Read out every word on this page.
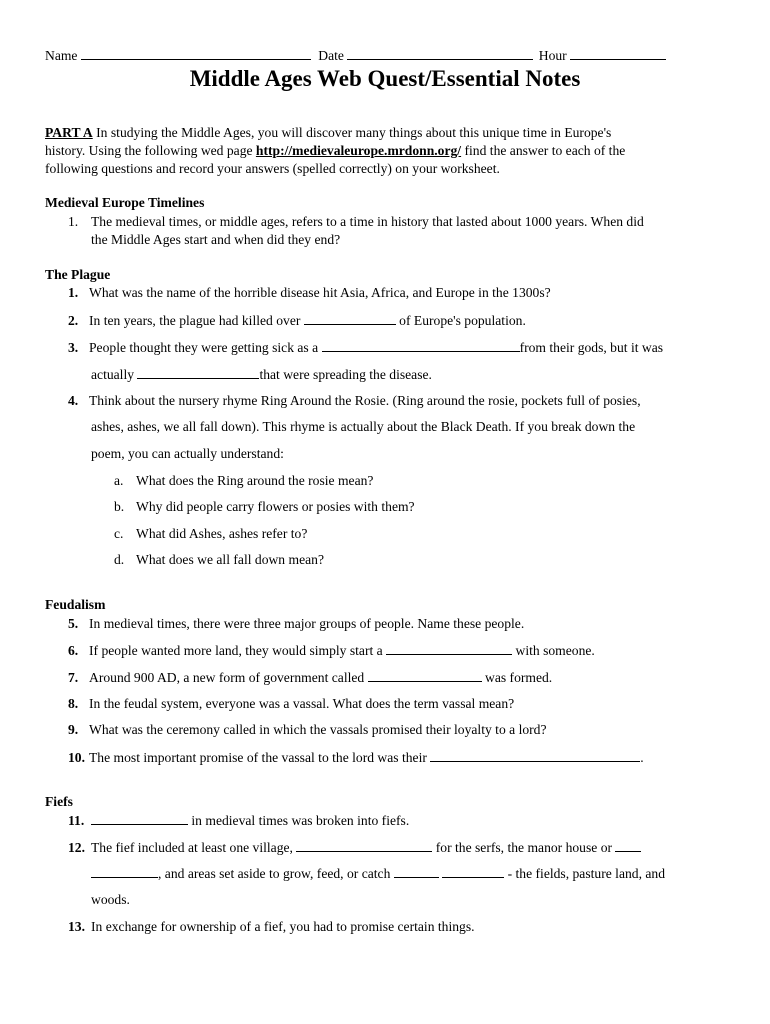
Name	Date	Hour
Middle Ages Web Quest/Essential Notes
PART A In studying the Middle Ages, you will discover many things about this unique time in Europe's
history. Using the following wed page http://medievaleurope.mrdonn.org/ find the answer to each of the
following questions and record your answers (spelled correctly) on your worksheet.
Medieval Europe Timelines
1. The medieval times, or middle ages, refers to a time in history that lasted about 1000 years. When did
the Middle Ages start and when did they end?
The Plague
1. What was the name of the horrible disease hit Asia, Africa, and Europe in the 1300s?
2. In ten years, the plague had killed over	of Europe's population.
3. People thought they were getting sick as a	from their gods, but it was
actually	that were spreading the disease.
4. Think about the nursery rhyme Ring Around the Rosie. (Ring around the rosie, pockets full of posies,
ashes, ashes, we all fall down). This rhyme is actually about the Black Death. If you break down the
poem, you can actually understand:
a. What does the Ring around the rosie mean?
b. Why did people carry flowers or posies with them?
c. What did Ashes, ashes refer to?
d. What does we all fall down mean?
Feudalism
5. In medieval times, there were three major groups of people. Name these people.
6. If people wanted more land, they would simply start a	with someone.
7. Around 900 AD, a new form of government called	was formed.
8. In the feudal system, everyone was a vassal. What does the term vassal mean?
9. What was the ceremony called in which the vassals promised their loyalty to a lord?
10. The most important promise of the vassal to the lord was their	.
Fiefs
11.	in medieval times was broken into fiefs.
12. The fief included at least one village,	for the serfs, the manor house or
, and areas set aside to grow, feed, or catch	- the fields, pasture land, and
woods.
13. In exchange for ownership of a fief, you had to promise certain things.
